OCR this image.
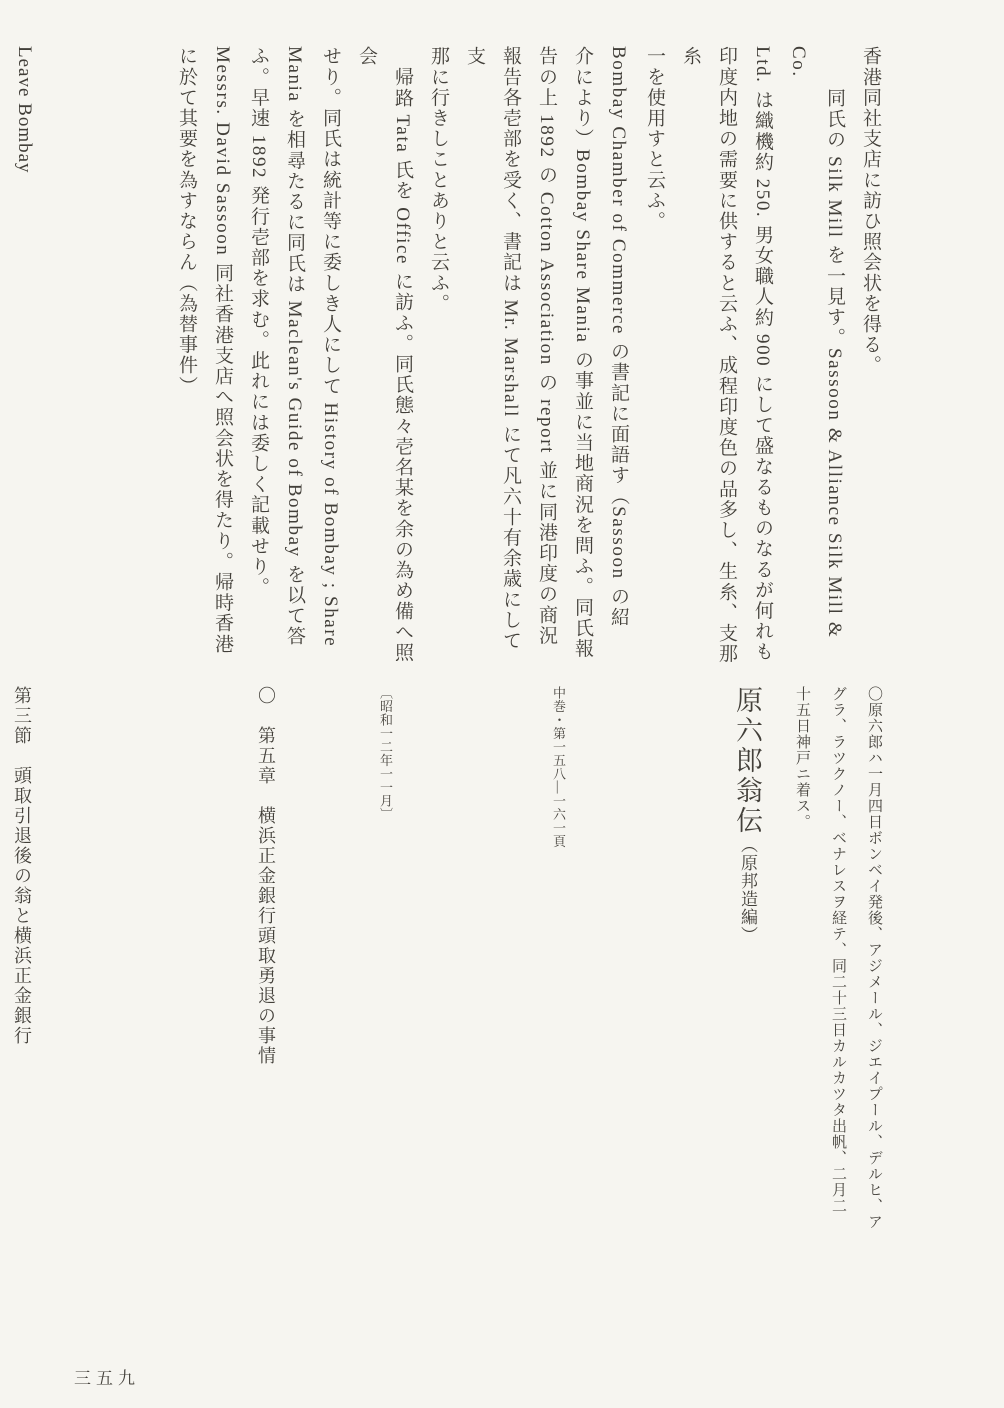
香港同社支店に訪ひ照会状を得る。

同氏の Silk Mill を一見す。Sassoon & Alliance Silk Mill & Co.

Ltd. は織機約 250. 男女職人約 900 にして盛なるものなるが何れも

印度内地の需要に供すると云ふ、成程印度色の品多し、生糸、支那糸

一を使用すと云ふ。

Bombay Chamber of Commerce の書記に面語す（Sassoon の紹

介により）Bombay Share Mania の事並に当地商況を問ふ。同氏報

告の上 1892 の Cotton Association の report 並に同港印度の商況

報告各壱部を受く、書記は Mr. Marshall にて凡六十有余歳にして支

那に行きしことありと云ふ。

帰路 Tata 氏を Office に訪ふ。同氏態々壱名某を余の為め備へ照会

せり。同氏は統計等に委しき人にして History of Bombay ; Share

Mania を相尋たるに同氏は Maclean's Guide of Bombay を以て答

ふ。早速 1892 発行壱部を求む。此れには委しく記載せり。

Messrs. David Sassoon 同社香港支店へ照会状を得たり。帰時香港

に於て其要を為すならん（為替事件）

Leave Bombay

〇原六郎ハ一月四日ボンベイ発後、アジメール、ジエイプール、デルヒ、ア

グラ、ラツクノー、ベナレスヲ経テ、同二十三日カルカツタ出帆、二月二

十五日神戸ニ着ス。

原六郎翁伝（原邦造編）

中巻・第一五八―一六一頁

〔昭和一二年一一月〕

〇　第五章　横浜正金銀行頭取勇退の事情

第三節　頭取引退後の翁と横浜正金銀行

三五九
